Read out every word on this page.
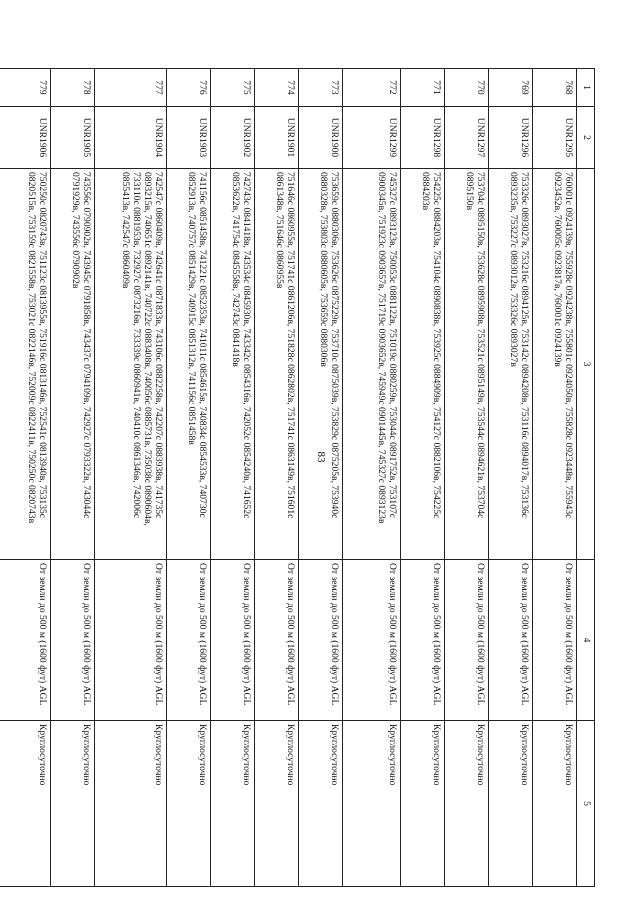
83
1	2	3	4	5
768	UNR1295	760001с 0924139в, 755928с 0924238в, 755801с 0924050в, 755828с 0923448в, 755943с 0923452в, 760005с 0923817в, 760001с 0924139в	От земли до 500 м (1600 фут) AGL	Круглосуточно
769	UNR1296	753326с 0893027в, 753216с 0894125в, 753142с 0894208в, 753116с 0894017в, 753136с 0893235в, 753227с 0893012в, 753326с 0893027в	От земли до 500 м (1600 фут) AGL	Круглосуточно
770	UNR1297	753704с 0895150в, 753628с 0895908в, 753521с 0895149в, 753544с 0894621в, 753704с 0895150в	От земли до 500 м (1600 фут) AGL	Круглосуточно
771	UNR1298	754225с 0884203в, 754104с 0890838в, 753925с 0884909в, 754127с 0882106в, 754225с 0884203в	От земли до 500 м (1600 фут) AGL	Круглосуточно
772	UNR1299	745327с 0893123в, 750053с 0881122в, 751019с 0880259в, 753044с 0891752в, 753107с 0900345в, 751923с 0903657в, 751719с 0903652в, 745949с 0901445в, 745327с 0893123в	От земли до 500 м (1600 фут) AGL	Круглосуточно
773	UNR1900	753659с 0880306в, 753626с 0875229в, 753710с 0875039в, 753829с 0875205в, 753940с 0880328в, 753803с 0880605в, 753659с 0880306в	От земли до 500 м (1600 фут) AGL	Круглосуточно
774	UNR1901	751646с 0860955в, 751741с 0861206в, 751828с 0862802в, 751741с 0863149в, 751601с 0861348в, 751646с 0860955в	От земли до 500 м (1600 фут) AGL	Круглосуточно
775	UNR1902	742743с 0841418в, 743534с 0845930в, 743342с 0854316в, 742052с 0854240в, 741652с 0853622в, 741754с 0845558в, 742743с 0841418в	От земли до 500 м (1600 фут) AGL	Круглосуточно
776	UNR1903	741156с 0851458в, 741221с 0852353в, 741011с 0854615в, 740834с 0854533в, 740730с 0852913в, 740757с 0851429в, 740915с 0851312в, 741156с 0851458в	От земли до 500 м (1600 фут) AGL	Круглосуточно
777	UNR1904	742547с 0860409в, 742641с 0871833в, 743106с 0882258в, 742207с 0883938в, 741735с 0893215в, 740651с 0892141в, 740722с 0883408в, 740056с 0885731в, 735038с 0890604в, 733110с 0881953в, 732927с 0873216в, 733339с 0860941в, 740410с 0861346в, 742006с 0855413в, 742547с 0860409в	От земли до 500 м (1600 фут) AGL	Круглосуточно
778	UNR1905	743556с 0790902в, 743945с 0791858в, 743437с 0794109в, 742927с 0793322в, 743044с 0791929в, 743556с 0790902в	От земли до 500 м (1600 фут) AGL	Круглосуточно
779	UNR1906	750250с 0820743в, 751123с 0813955в, 751916с 0813146в, 752541с 0813940в, 753135с 0820515в, 753159с 0821558в, 753021с 0822146в, 752009с 0822411в, 750250с 0820743в	От земли до 500 м (1600 фут) AGL	Круглосуточно
